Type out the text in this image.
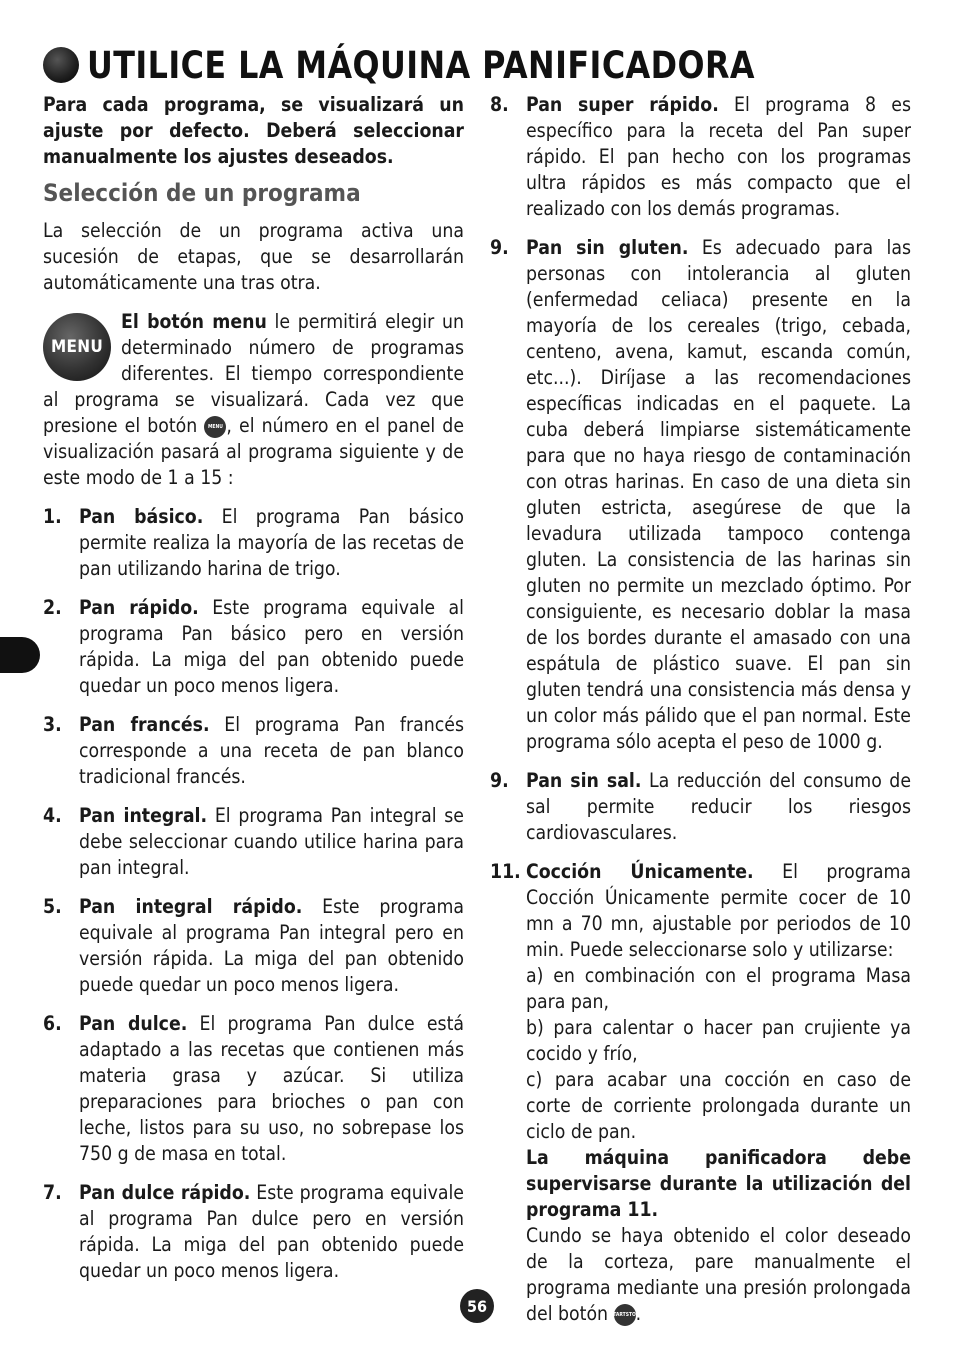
UTILICE LA MÁQUINA PANIFICADORA

Para cada programa, se visualizará un ajuste por defecto. Deberá seleccionar manualmente los ajustes deseados.

Selección de un programa

La selección de un programa activa una sucesión de etapas, que se desarrollarán automáticamente una tras otra.

MENU
El botón menu le permitirá elegir un determinado número de programas diferentes. El tiempo correspondiente al programa se visualizará. Cada vez que presione el botón MENU , el número en el panel de visualización pasará al programa siguiente y de este modo de 1 a 15 :
1. Pan básico. El programa Pan básico permite realiza la mayoría de las recetas de pan utilizando harina de trigo.
2. Pan rápido. Este programa equivale al programa Pan básico pero en versión rápida. La miga del pan obtenido puede quedar un poco menos ligera.
3. Pan francés. El programa Pan francés corresponde a una receta de pan blanco tradicional francés.
4. Pan integral. El programa Pan integral se debe seleccionar cuando utilice harina para pan integral.
5. Pan integral rápido. Este programa equivale al programa Pan integral pero en versión rápida. La miga del pan obtenido puede quedar un poco menos ligera.
6. Pan dulce. El programa Pan dulce está adaptado a las recetas que contienen más materia grasa y azúcar. Si utiliza preparaciones para brioches o pan con leche, listos para su uso, no sobrepase los 750 g de masa en total.
7. Pan dulce rápido. Este programa equivale al programa Pan dulce pero en versión rápida. La miga del pan obtenido puede quedar un poco menos ligera.
8. Pan super rápido. El programa 8 es específico para la receta del Pan super rápido. El pan hecho con los programas ultra rápidos es más compacto que el realizado con los demás programas.
9. Pan sin gluten. Es adecuado para las personas con intolerancia al gluten (enfermedad celiaca) presente en la mayoría de los cereales (trigo, cebada, centeno, avena, kamut, escanda común, etc...). Diríjase a las recomendaciones específicas indicadas en el paquete. La cuba deberá limpiarse sistemáticamente para que no haya riesgo de contaminación con otras harinas. En caso de una dieta sin gluten estricta, asegúrese de que la levadura utilizada tampoco contenga gluten. La consistencia de las harinas sin gluten no permite un mezclado óptimo. Por consiguiente, es necesario doblar la masa de los bordes durante el amasado con una espátula de plástico suave. El pan sin gluten tendrá una consistencia más densa y un color más pálido que el pan normal. Este programa sólo acepta el peso de 1000 g.
9. Pan sin sal. La reducción del consumo de sal permite reducir los riesgos cardiovasculares.
11. Cocción Únicamente. El programa Cocción Únicamente permite cocer de 10 mn a 70 mn, ajustable por periodos de 10 min. Puede seleccionarse solo y utilizarse:
a) en combinación con el programa Masa para pan,
b) para calentar o hacer pan crujiente ya cocido y frío,
c) para acabar una cocción en caso de corte de corriente prolongada durante un ciclo de pan.
La máquina panificadora debe supervisarse durante la utilización del programa 11.
Cundo se haya obtenido el color deseado de la corteza, pare manualmente el programa mediante una presión prolongada del botón
START STOP
.
56
